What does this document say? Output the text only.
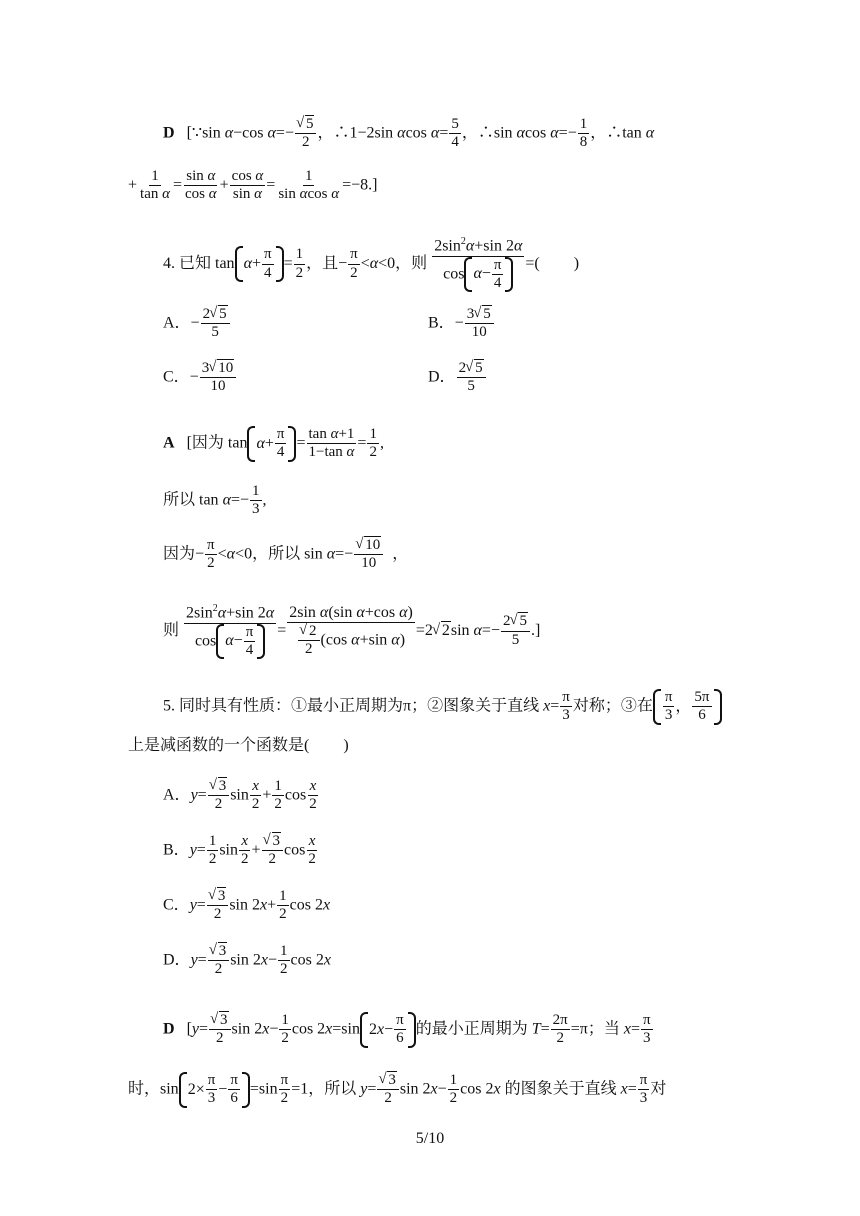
D   [∵sin α−cos α=− √ $\frac{5}{2}$ ，∴1−2sin αcos $\alpha= \frac{5}{4}$ ，∴sin αcos $\alpha=- \frac{1}{8}$ ，∴tan α
+ $\frac{1}{\text{tan α}} = \frac{\text{sin α}}{\text{cos α}} + \frac{\text{cos α}}{\text{sin α}} = \frac{1}{\text{sin αcos α}} =-8$.]
4. 已知 tan α +
π
4
= $\frac{1}{2}$ ，且− $\frac{\pi}{2} <\alpha<0$，则 $2\sin^2\alpha+\sin$ 2α
cos α −
π
4 =( )
A．− $\frac{2 √ 5}{5}$	B．− $\frac{3 √ 5}{10}$
C．− $\frac{3 √ 10}{10}$	D． $\frac{2 √ 5}{5}$
A   [因为 tan α +
π
4
= $\frac{\text{tan α+1}}{\text{1−tan α}} = \frac{1}{2}$ ,
所以 $\tan \alpha=- \frac{1}{3}$ ,
因为− $\frac{\pi}{2} <\alpha<0$，所以 sin α=− √ $\frac{10}{10}$ ，
则 $2\sin^2\alpha+\sin$ 2α
cos α −
π
4 = 2sin α(sin α+cos α)
√ $\frac{2}{2} (\cos$ α+sin α) =2 √ 2sin $\alpha=- \frac{2 √ 5}{5}$ .]
5. 同时具有性质：①最小正周期为π；②图象关于直线 $x= \frac{\pi}{3}$ 对称；③在
π
3
，
5π
6
上是减函数的一个函数是( )
A．y= √ $\frac{3}{2}$ $\sin \frac{x}{2} + \frac{1}{2}$ $\cos \frac{x}{2}$
B．$y= \frac{1}{2}$ $\sin \frac{x}{2}$ + √ $\frac{3}{2}$ $\cos \frac{x}{2}$
C．y= √ $\frac{3}{2}$ $\sin 2x+ \frac{1}{2}$ cos 2x
D．y= √ $\frac{3}{2}$ $\sin 2x- \frac{1}{2}$ cos 2x
D   [y= √ $\frac{3}{2}$ $\sin 2x- \frac{1}{2}$ cos 2x=sin 2 x −
π
6
的最小正周期为 $T= \frac{2\pi}{2} =\pi$；当 $x= \frac{\pi}{3}$
时，sin 2×
π
3
−
π
6
$=\sin \frac{\pi}{2} =1$，所以 y= √ $\frac{3}{2}$ $\sin 2x- \frac{1}{2}$ cos 2x 的图象关于直线 $x= \frac{\pi}{3}$ 对
5/10
